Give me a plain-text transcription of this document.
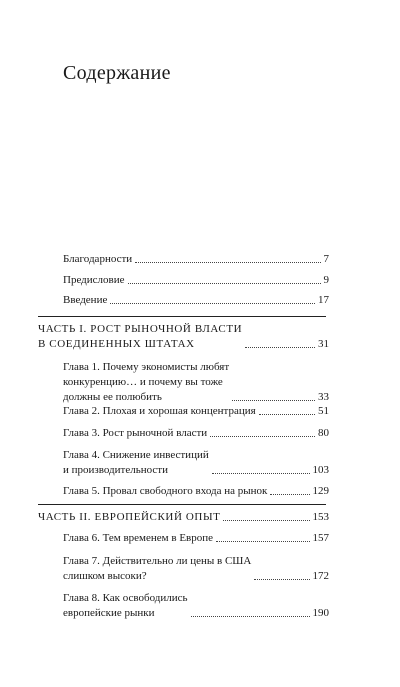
Содержание
Благодарности	7
Предисловие	9
Введение	17
ЧАСТЬ I. РОСТ РЫНОЧНОЙ ВЛАСТИ
В СОЕДИНЕННЫХ ШТАТАХ	31
Глава 1. Почему экономисты любят
конкуренцию… и почему вы тоже
должны ее полюбить	33
Глава 2. Плохая и хорошая концентрация	51
Глава 3. Рост рыночной власти	80
Глава 4. Снижение инвестиций
и производительности	103
Глава 5. Провал свободного входа на рынок	129
ЧАСТЬ II. ЕВРОПЕЙСКИЙ ОПЫТ	153
Глава 6. Тем временем в Европе	157
Глава 7. Действительно ли цены в США
слишком высоки?	172
Глава 8. Как освободились
европейские рынки	190
